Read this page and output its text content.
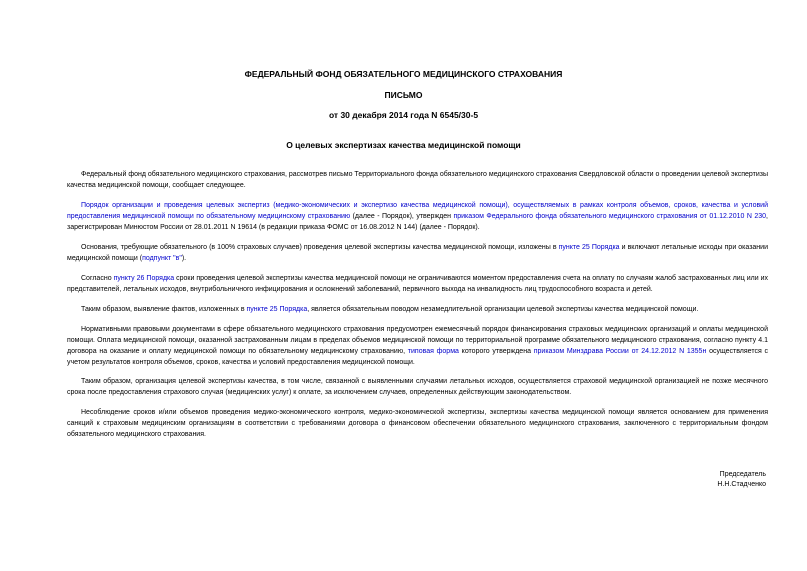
ФЕДЕРАЛЬНЫЙ ФОНД ОБЯЗАТЕЛЬНОГО МЕДИЦИНСКОГО СТРАХОВАНИЯ
ПИСЬМО
от 30 декабря 2014 года N 6545/30-5
О целевых экспертизах качества медицинской помощи

Федеральный фонд обязательного медицинского страхования, рассмотрев письмо Территориального фонда обязательного медицинского страхования Свердловской области о проведении целевой экспертизы качества медицинской помощи, сообщает следующее.

Порядок организации и проведения целевых экспертиз (медико-экономических и экспертизо качества медицинской помощи), осуществляемых в рамках контроля объемов, сроков, качества и условий предоставления медицинской помощи по обязательному медицинскому страхованию (далее - Порядок), утвержден приказом Федерального фонда обязательного медицинского страхования от 01.12.2010 N 230, зарегистрирован Минюстом России от 28.01.2011 N 19614 (в редакции приказа ФОМС от 16.08.2012 N 144) (далее - Порядок).

Основания, требующие обязательного (в 100% страховых случаев) проведения целевой экспертизы качества медицинской помощи, изложены в пункте 25 Порядка и включают летальные исходы при оказании медицинской помощи (подпункт "в").

Согласно пункту 26 Порядка сроки проведения целевой экспертизы качества медицинской помощи не ограничиваются моментом предоставления счета на оплату по случаям жалоб застрахованных лиц или их представителей, летальных исходов, внутрибольничного инфицирования и осложнений заболеваний, первичного выхода на инвалидность лиц трудоспособного возраста и детей.

Таким образом, выявление фактов, изложенных в пункте 25 Порядка, является обязательным поводом незамедлительной организации целевой экспертизы качества медицинской помощи.

Нормативными правовыми документами в сфере обязательного медицинского страхования предусмотрен ежемесячный порядок финансирования страховых медицинских организаций и оплаты медицинской помощи. Оплата медицинской помощи, оказанной застрахованным лицам в пределах объемов медицинской помощи по территориальной программе обязательного медицинского страхования, согласно пункту 4.1 договора на оказание и оплату медицинской помощи по обязательному медицинскому страхованию, типовая форма которого утверждена приказом Минздрава России от 24.12.2012 N 1355н осуществляется с учетом результатов контроля объемов, сроков, качества и условий предоставления медицинской помощи.

Таким образом, организация целевой экспертизы качества, в том числе, связанной с выявленными случаями летальных исходов, осуществляется страховой медицинской организацией не позже месячного срока после предоставления страхового случая (медицинских услуг) к оплате, за исключением случаев, определенных действующим законодательством.

Несоблюдение сроков и/или объемов проведения медико-экономического контроля, медико-экономической экспертизы, экспертизы качества медицинской помощи является основанием для применения санкций к страховым медицинским организациям в соответствии с требованиями договора о финансовом обеспечении обязательного медицинского страхования, заключенного с территориальным фондом обязательного медицинского страхования.

Председатель
Н.Н.Стадченко
